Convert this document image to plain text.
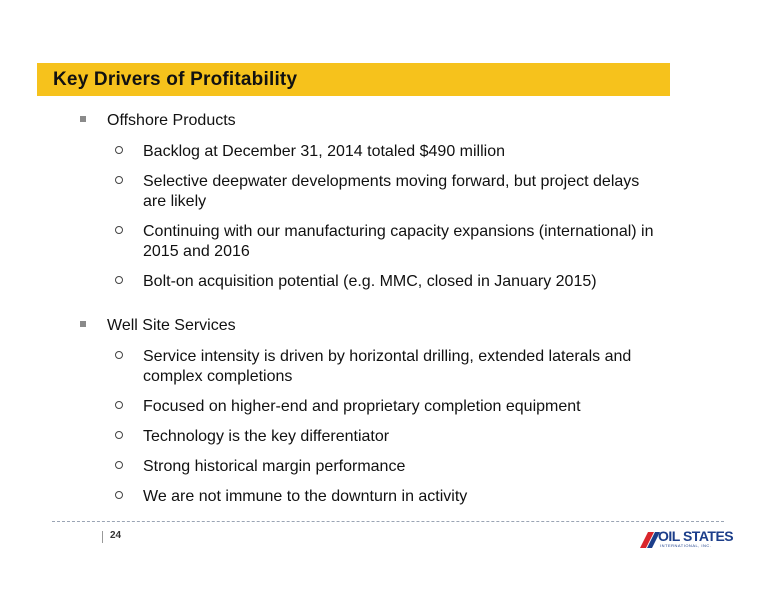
Key Drivers of Profitability
Offshore Products
Backlog at December 31, 2014 totaled $490 million
Selective deepwater developments moving forward, but project delays are likely
Continuing with our manufacturing capacity expansions (international) in 2015 and 2016
Bolt-on acquisition potential (e.g. MMC, closed in January 2015)
Well Site Services
Service intensity is driven by horizontal drilling, extended laterals and complex completions
Focused on higher-end and proprietary completion equipment
Technology is the key differentiator
Strong historical margin performance
We are not immune to the downturn in activity
24	OIL STATES
INTERNATIONAL, INC.
